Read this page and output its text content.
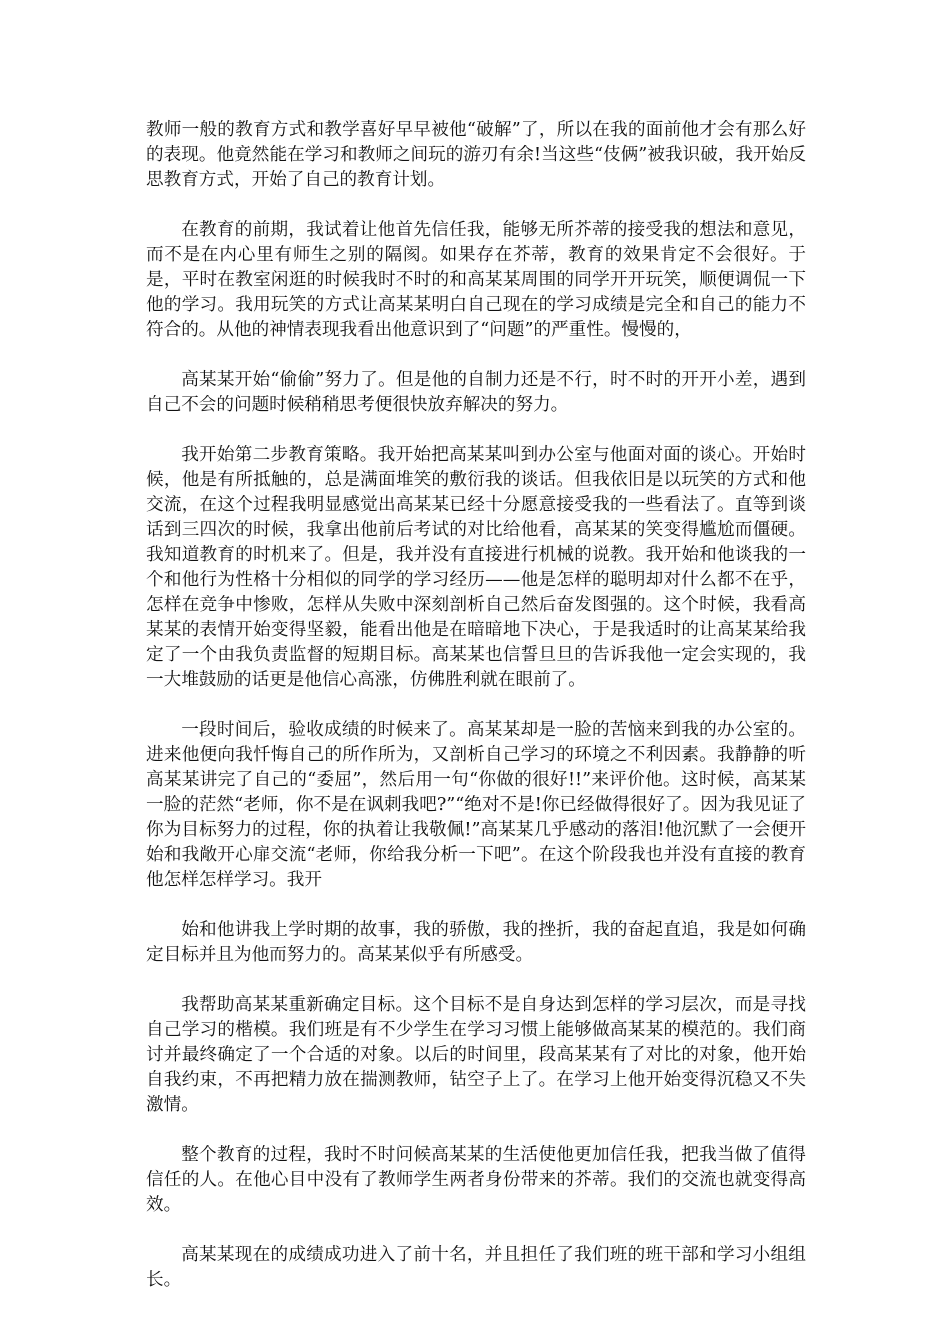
教师一般的教育方式和教学喜好早早被他“破解”了，所以在我的面前他才会有那么好的表现。他竟然能在学习和教师之间玩的游刃有余!当这些“伎俩”被我识破，我开始反思教育方式，开始了自己的教育计划。

在教育的前期，我试着让他首先信任我，能够无所芥蒂的接受我的想法和意见，而不是在内心里有师生之别的隔阂。如果存在芥蒂，教育的效果肯定不会很好。于是，平时在教室闲逛的时候我时不时的和高某某周围的同学开开玩笑，顺便调侃一下他的学习。我用玩笑的方式让高某某明白自己现在的学习成绩是完全和自己的能力不符合的。从他的神情表现我看出他意识到了“问题”的严重性。慢慢的，

高某某开始“偷偷”努力了。但是他的自制力还是不行，时不时的开开小差，遇到自己不会的问题时候稍稍思考便很快放弃解决的努力。

我开始第二步教育策略。我开始把高某某叫到办公室与他面对面的谈心。开始时候，他是有所抵触的，总是满面堆笑的敷衍我的谈话。但我依旧是以玩笑的方式和他交流，在这个过程我明显感觉出高某某已经十分愿意接受我的一些看法了。直等到谈话到三四次的时候，我拿出他前后考试的对比给他看，高某某的笑变得尴尬而僵硬。我知道教育的时机来了。但是，我并没有直接进行机械的说教。我开始和他谈我的一个和他行为性格十分相似的同学的学习经历——他是怎样的聪明却对什么都不在乎，怎样在竞争中惨败，怎样从失败中深刻剖析自己然后奋发图强的。这个时候，我看高某某的表情开始变得坚毅，能看出他是在暗暗地下决心，于是我适时的让高某某给我定了一个由我负责监督的短期目标。高某某也信誓旦旦的告诉我他一定会实现的，我一大堆鼓励的话更是他信心高涨，仿佛胜利就在眼前了。

一段时间后，验收成绩的时候来了。高某某却是一脸的苦恼来到我的办公室的。进来他便向我忏悔自己的所作所为，又剖析自己学习的环境之不利因素。我静静的听高某某讲完了自己的“委屈”，然后用一句“你做的很好!!”来评价他。这时候，高某某一脸的茫然“老师，你不是在讽刺我吧?”“绝对不是!你已经做得很好了。因为我见证了你为目标努力的过程，你的执着让我敬佩!”高某某几乎感动的落泪!他沉默了一会便开始和我敞开心扉交流“老师，你给我分析一下吧”。在这个阶段我也并没有直接的教育他怎样怎样学习。我开

始和他讲我上学时期的故事，我的骄傲，我的挫折，我的奋起直追，我是如何确定目标并且为他而努力的。高某某似乎有所感受。

我帮助高某某重新确定目标。这个目标不是自身达到怎样的学习层次，而是寻找自己学习的楷模。我们班是有不少学生在学习习惯上能够做高某某的模范的。我们商讨并最终确定了一个合适的对象。以后的时间里，段高某某有了对比的对象，他开始自我约束，不再把精力放在揣测教师，钻空子上了。在学习上他开始变得沉稳又不失激情。

整个教育的过程，我时不时问候高某某的生活使他更加信任我，把我当做了值得信任的人。在他心目中没有了教师学生两者身份带来的芥蒂。我们的交流也就变得高效。

高某某现在的成绩成功进入了前十名，并且担任了我们班的班干部和学习小组组长。
